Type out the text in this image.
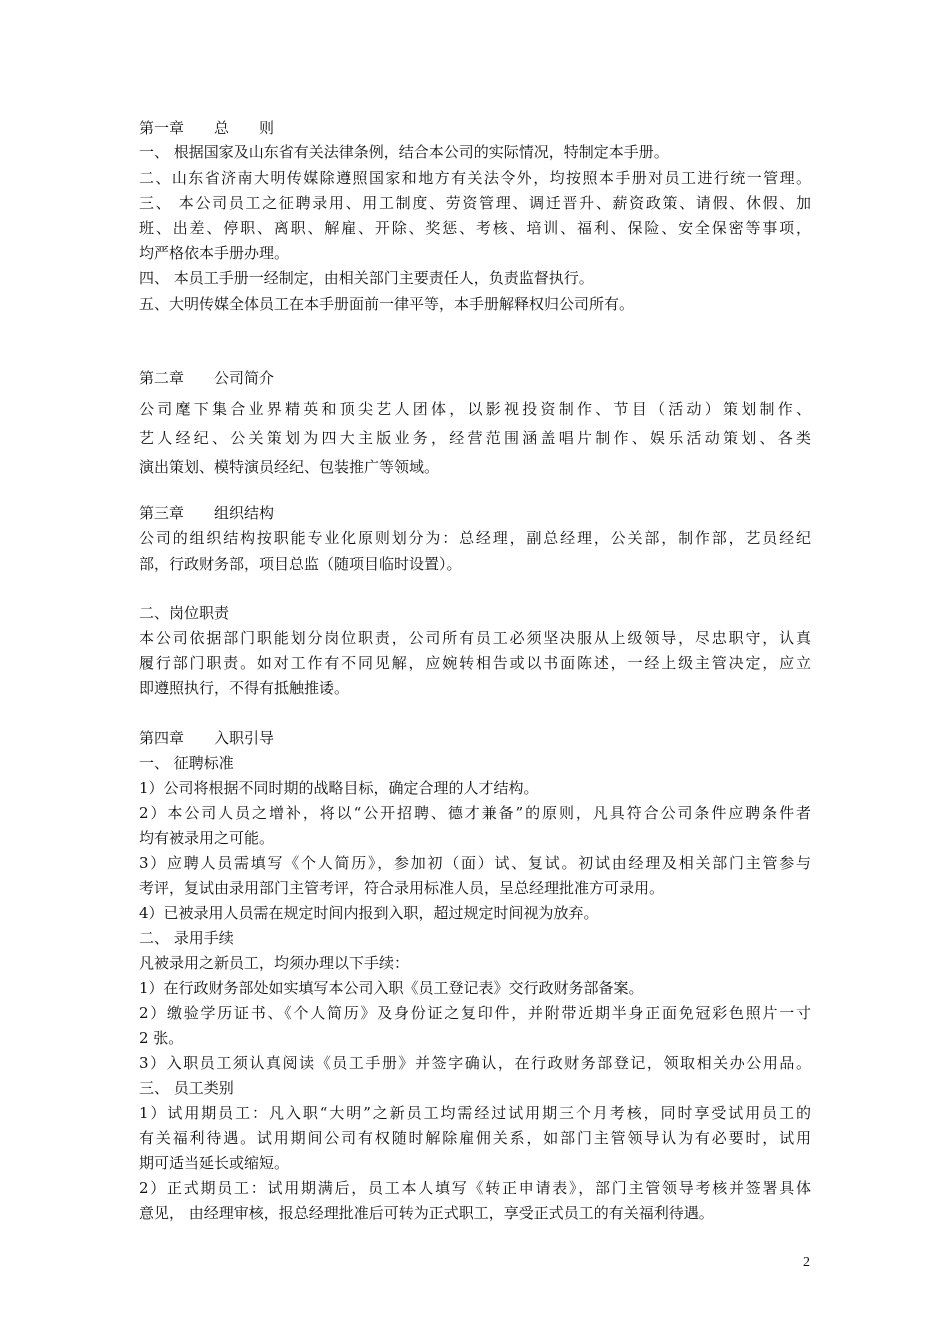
第一章 总 则
一、 根据国家及山东省有关法律条例，结合本公司的实际情况，特制定本手册。
二、山东省济南大明传媒除遵照国家和地方有关法令外，均按照本手册对员工进行统一管理。
三、 本公司员工之征聘录用、用工制度、劳资管理、调迁晋升、薪资政策、请假、休假、加
班、出差、停职、离职、解雇、开除、奖惩、考核、培训、福利、保险、安全保密等事项，
均严格依本手册办理。
四、 本员工手册一经制定，由相关部门主要责任人，负责监督执行。
五、大明传媒全体员工在本手册面前一律平等，本手册解释权归公司所有。
第二章 公司简介
公司麾下集合业界精英和顶尖艺人团体，以影视投资制作、节目（活动）策划制作、
艺人经纪、公关策划为四大主版业务，经营范围涵盖唱片制作、娱乐活动策划、各类
演出策划、模特演员经纪、包装推广等领域。
第三章 组织结构
公司的组织结构按职能专业化原则划分为：总经理，副总经理，公关部，制作部，艺员经纪
部，行政财务部，项目总监（随项目临时设置）。
二、岗位职责
本公司依据部门职能划分岗位职责，公司所有员工必须坚决服从上级领导，尽忠职守，认真
履行部门职责。如对工作有不同见解，应婉转相告或以书面陈述，一经上级主管决定，应立
即遵照执行，不得有抵触推诿。
第四章 入职引导
一、 征聘标准
1）公司将根据不同时期的战略目标，确定合理的人才结构。
2）本公司人员之增补，将以“公开招聘、德才兼备”的原则，凡具符合公司条件应聘条件者
均有被录用之可能。
3）应聘人员需填写《个人简历》，参加初（面）试、复试。初试由经理及相关部门主管参与
考评，复试由录用部门主管考评，符合录用标准人员，呈总经理批准方可录用。
4）已被录用人员需在规定时间内报到入职，超过规定时间视为放弃。
二、 录用手续
凡被录用之新员工，均须办理以下手续：
1）在行政财务部处如实填写本公司入职《员工登记表》交行政财务部备案。
2）缴验学历证书、《个人简历》及身份证之复印件，并附带近期半身正面免冠彩色照片一寸
2 张。
3）入职员工须认真阅读《员工手册》并签字确认，在行政财务部登记，领取相关办公用品。
三、 员工类别
1）试用期员工：凡入职“大明”之新员工均需经过试用期三个月考核，同时享受试用员工的
有关福利待遇。试用期间公司有权随时解除雇佣关系，如部门主管领导认为有必要时，试用
期可适当延长或缩短。
2）正式期员工：试用期满后，员工本人填写《转正申请表》，部门主管领导考核并签署具体
意见， 由经理审核，报总经理批准后可转为正式职工，享受正式员工的有关福利待遇。
2
